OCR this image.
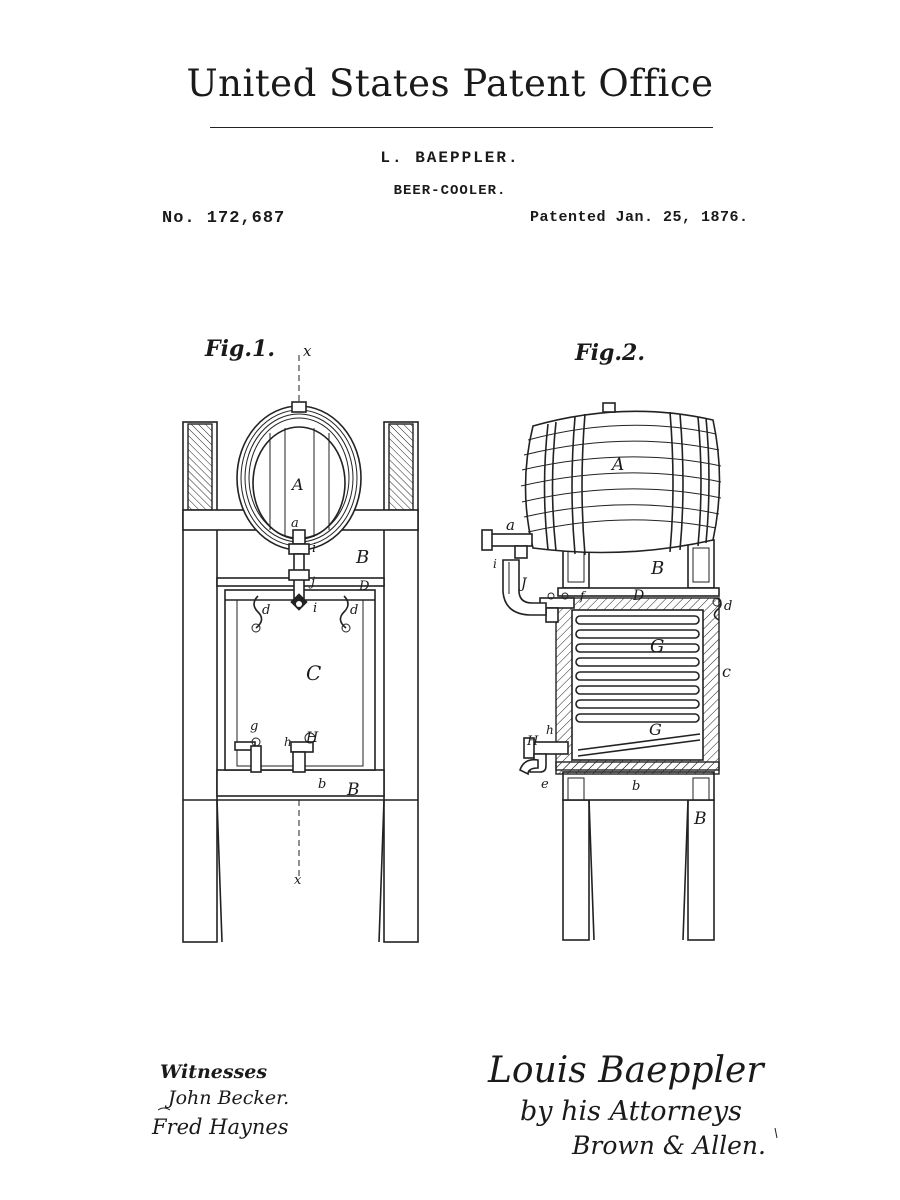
United States Patent Office
L. BAEPPLER.
BEER-COOLER.
No. 172,687	Patented Jan. 25, 1876.
Fig.1. x
x
A
a
i B
j	D
d	d
i
C
g
h H
b B
Fig.2.
A
a
i
J
B
D
f
d
G
c
G
h
H
e	b
B
Witnesses
John Becker.
Fred Haynes
Louis Baeppler
by his Attorneys
Brown & Allen.
